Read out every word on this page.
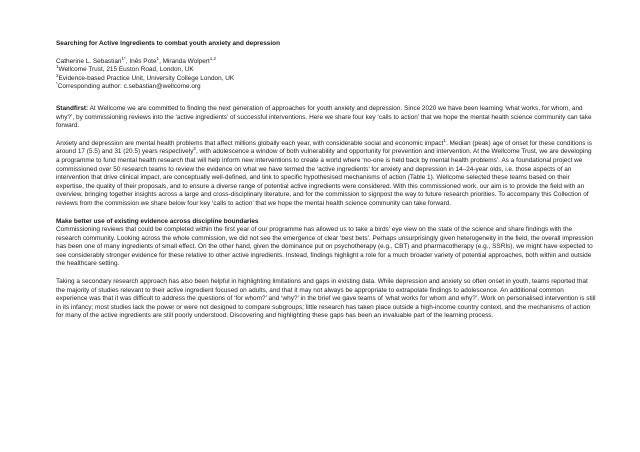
Searching for Active Ingredients to combat youth anxiety and depression

Catherine L. Sebastian$^{1*}$, Inês Pote$^1$, Miranda Wolpert$^{1,2}$

$^1$Wellcome Trust, 215 Euston Road, London, UK

$^2$Evidence-based Practice Unit, University College London, UK

*Corresponding author: c.sebastian@wellcome.org

Standfirst: At Wellcome we are committed to finding the next generation of approaches for youth anxiety and depression. Since 2020 we have been learning ‘what works, for whom, and why?’, by commissioning reviews into the ‘active ingredients’ of successful interventions. Here we share four key ‘calls to action’ that we hope the mental health science community can take forward.

Anxiety and depression are mental health problems that affect millions globally each year, with considerable social and economic impact$^1$. Median (peak) age of onset for these conditions is around 17 (5.5) and 31 (20.5) years respectively$^2$, with adolescence a window of both vulnerability and opportunity for prevention and intervention. At the Wellcome Trust, we are developing a programme to fund mental health research that will help inform new interventions to create a world where ‘no-one is held back by mental health problems’. As a foundational project we commissioned over 50 research teams to review the evidence on what we have termed the ‘active ingredients’ for anxiety and depression in 14–24-year olds, i.e. those aspects of an intervention that drive clinical impact, are conceptually well-defined, and link to specific hypothesised mechanisms of action (Table 1). Wellcome selected these teams based on their expertise, the quality of their proposals, and to ensure a diverse range of potential active ingredients were considered. With this commissioned work, our aim is to provide the field with an overview, bringing together insights across a large and cross-disciplinary literature, and for the commission to signpost the way to future research priorities. To accompany this Collection of reviews from the commission we share below four key ‘calls to action’ that we hope the mental health science community can take forward.

Make better use of existing evidence across discipline boundaries

Commissioning reviews that could be completed within the first year of our programme has allowed us to take a birds’ eye view on the state of the science and share findings with the research community. Looking across the whole commission, we did not see the emergence of clear ‘best bets’. Perhaps unsurprisingly given heterogeneity in the field, the overall impression has been one of many ingredients of small effect. On the other hand, given the dominance put on psychotherapy (e.g., CBT) and pharmacotherapy (e.g., SSRIs), we might have expected to see considerably stronger evidence for these relative to other active ingredients. Instead, findings highlight a role for a much broader variety of potential approaches, both within and outside the healthcare setting.

Taking a secondary research approach has also been helpful in highlighting limitations and gaps in existing data. While depression and anxiety so often onset in youth, teams reported that the majority of studies relevant to their active ingredient focused on adults, and that it may not always be appropriate to extrapolate findings to adolescence. An additional common experience was that it was difficult to address the questions of ‘for whom?’ and ‘why?’ in the brief we gave teams of ‘what works for whom and why?’. Work on personalised intervention is still in its infancy; most studies lack the power or were not designed to compare subgroups; little research has taken place outside a high-income country context, and the mechanisms of action for many of the active ingredients are still poorly understood. Discovering and highlighting these gaps has been an invaluable part of the learning process.
